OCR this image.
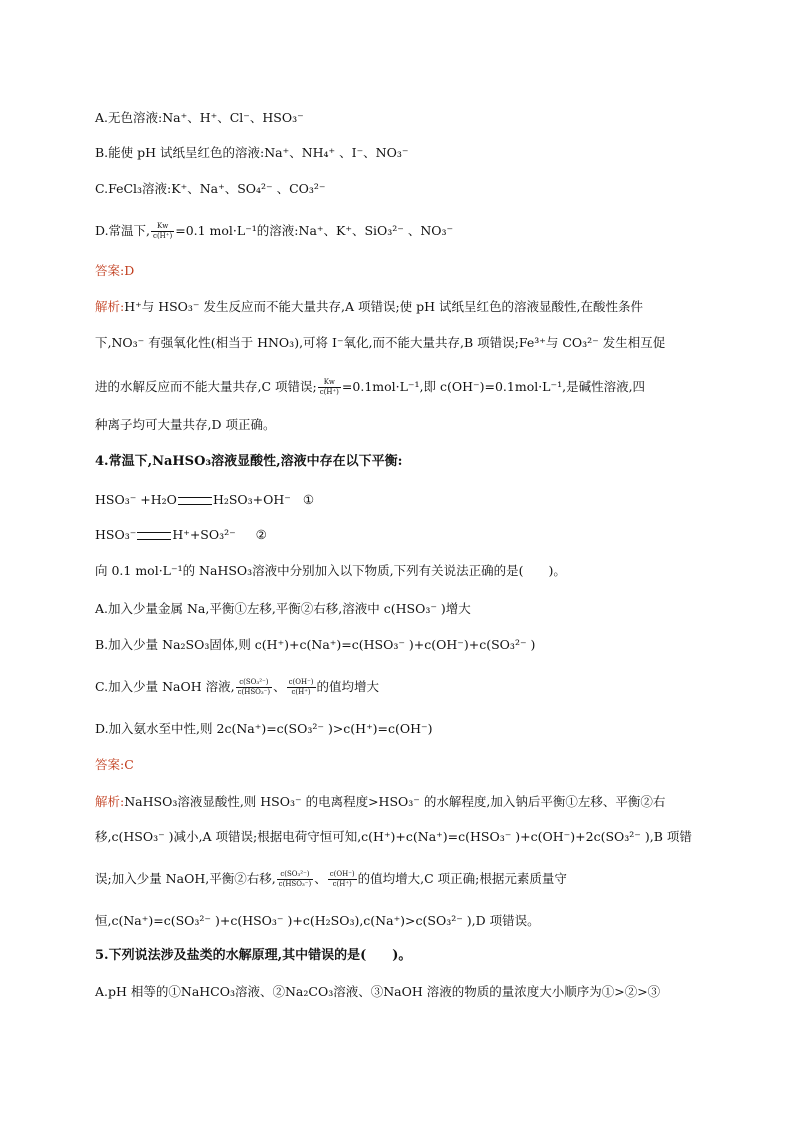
A.无色溶液:Na⁺、H⁺、Cl⁻、HSO₃⁻
B.能使 pH 试纸呈红色的溶液:Na⁺、NH₄⁺ 、I⁻、NO₃⁻
C.FeCl₃溶液:K⁺、Na⁺、SO₄²⁻ 、CO₃²⁻
D.常温下, $\frac{Kw}{c(H^+)} =0.1$ mol·L⁻¹的溶液:Na⁺、K⁺、SiO₃²⁻ 、NO₃⁻
答案:D
解析:H⁺与 HSO₃⁻ 发生反应而不能大量共存,A 项错误;使 pH 试纸呈红色的溶液显酸性,在酸性条件
下,NO₃⁻ 有强氧化性(相当于 HNO₃),可将 I⁻氧化,而不能大量共存,B 项错误;Fe³⁺与 CO₃²⁻ 发生相互促
进的水解反应而不能大量共存,C 项错误; $\frac{Kw}{c(H^+)} =0.1mol\cdot L^{-1}$,即 c(OH⁻)=0.1mol·L⁻¹,是碱性溶液,四
种离子均可大量共存,D 项正确。
4.常温下,NaHSO₃溶液显酸性,溶液中存在以下平衡:
HSO₃⁻ +H₂O	H₂SO₃+OH⁻ ①
HSO₃⁻	H⁺+SO₃²⁻ ②
向 0.1 mol·L⁻¹的 NaHSO₃溶液中分别加入以下物质,下列有关说法正确的是(　　)。
A.加入少量金属 Na,平衡①左移,平衡②右移,溶液中 c(HSO₃⁻ )增大
B.加入少量 Na₂SO₃固体,则 c(H⁺)+c(Na⁺)=c(HSO₃⁻ )+c(OH⁻)+c(SO₃²⁻ )
C.加入少量 NaOH 溶液, $\frac{\text{c(SO₃²⁻)}}{\text{c(HSO₃⁻)}}$ 、 $\frac{c(OH^-)}{c(H^+)}$ 的值均增大
D.加入氨水至中性,则 2c(Na⁺)=c(SO₃²⁻ )>c(H⁺)=c(OH⁻)
答案:C
解析:NaHSO₃溶液显酸性,则 HSO₃⁻ 的电离程度>HSO₃⁻ 的水解程度,加入钠后平衡①左移、平衡②右
移,c(HSO₃⁻ )减小,A 项错误;根据电荷守恒可知,c(H⁺)+c(Na⁺)=c(HSO₃⁻ )+c(OH⁻)+2c(SO₃²⁻ ),B 项错
误;加入少量 NaOH,平衡②右移, $\frac{\text{c(SO₃²⁻)}}{\text{c(HSO₃⁻)}}$ 、 $\frac{c(OH^-)}{c(H^+)}$ 的值均增大,C 项正确;根据元素质量守
恒,c(Na⁺)=c(SO₃²⁻ )+c(HSO₃⁻ )+c(H₂SO₃),c(Na⁺)>c(SO₃²⁻ ),D 项错误。
5.下列说法涉及盐类的水解原理,其中错误的是(　　)。
A.pH 相等的①NaHCO₃溶液、②Na₂CO₃溶液、③NaOH 溶液的物质的量浓度大小顺序为①>②>③
